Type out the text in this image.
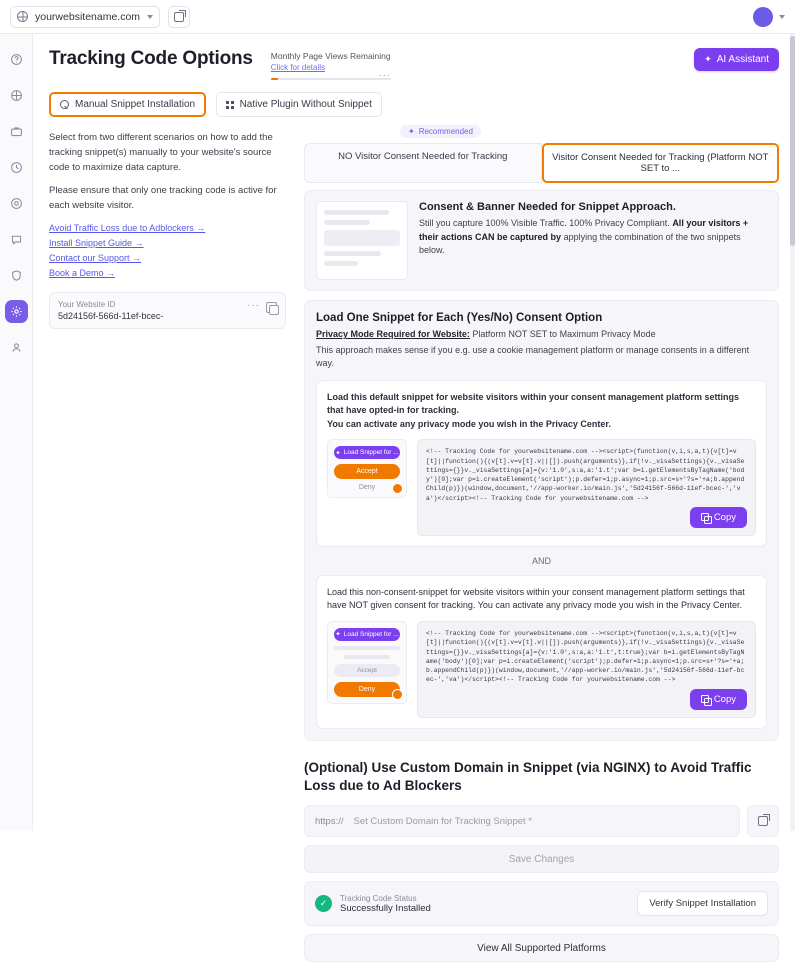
yourwebsitename.com
Tracking Code Options Monthly Page Views Remaining
Click for details
···
✦ AI Assistant
Manual Snippet Installation	Native Plugin Without Snippet

Select from two different scenarios on how to add the tracking snippet(s) manually to your website's source code to maximize data capture.

Please ensure that only one tracking code is active for each website visitor.

Avoid Traffic Loss due to Adblockers →
Install Snippet Guide →
Contact our Support →
Book a Demo →
Your Website ID
5d24156f-566d-11ef-bcec-
···
✦ Recommended
NO Visitor Consent Needed for Tracking	Visitor Consent Needed for Tracking (Platform NOT SET to ...
Consent & Banner Needed for Snippet Approach.

Still you capture 100% Visible Traffic. 100% Privacy Compliant. All your visitors + their actions CAN be captured by applying the combination of the two snippets below.

Load One Snippet for Each (Yes/No) Consent Option
Privacy Mode Required for Website: Platform NOT SET to Maximum Privacy Mode

This approach makes sense if you e.g. use a cookie management platform or manage consents in a different way.

Load this default snippet for website visitors within your consent management platform settings that have opted-in for tracking.
You can activate any privacy mode you wish in the Privacy Center.

✦ Load Snippet for ...
Accept
Deny
<!-- Tracking Code for yourwebsitename.com --><script>(function(v,i,s,a,t){v[t]=v[t]||function(){(v[t].v=v[t].v||[]).push(arguments)},if(!v._visaSettings){v._visaSettings={}}v._visaSettings[a]={v:'1.0',s:a,a:'1.t';var b=i.getElementsByTagName('body')[0];var p=i.createElement('script');p.defer=1;p.async=1;p.src=s+'?s='+a;b.appendChild(p)})(window,document,'//app-worker.io/main.js','5d24156f-566d-11ef-bcec-','va')</script><!-- Tracking Code for yourwebsitename.com -->
Copy
AND

Load this non-consent-snippet for website visitors within your consent management platform settings that have NOT given consent for tracking. You can activate any privacy mode you wish in the Privacy Center.

✦ Load Snippet for ...
Accept
Deny
<!-- Tracking Code for yourwebsitename.com --><script>(function(v,i,s,a,t){v[t]=v[t]||function(){(v[t].v=v[t].v||[]).push(arguments)},if(!v._visaSettings){v._visaSettings={}}v._visaSettings[a]={v:'1.0',s:a,a:'1.t',t:true};var b=i.getElementsByTagName('body')[0];var p=i.createElement('script');p.defer=1;p.async=1;p.src=s+'?s='+a;b.appendChild(p)})(window,document,'//app-worker.io/main.js','5d24156f-566d-11ef-bcec-','va')</script><!-- Tracking Code for yourwebsitename.com -->
Copy
(Optional) Use Custom Domain in Snippet (via NGINX) to Avoid Traffic Loss due to Ad Blockers
https://
Set Custom Domain for Tracking Snippet *
Save Changes
✓	Tracking Code Status
Successfully Installed	Verify Snippet Installation
View All Supported Platforms
